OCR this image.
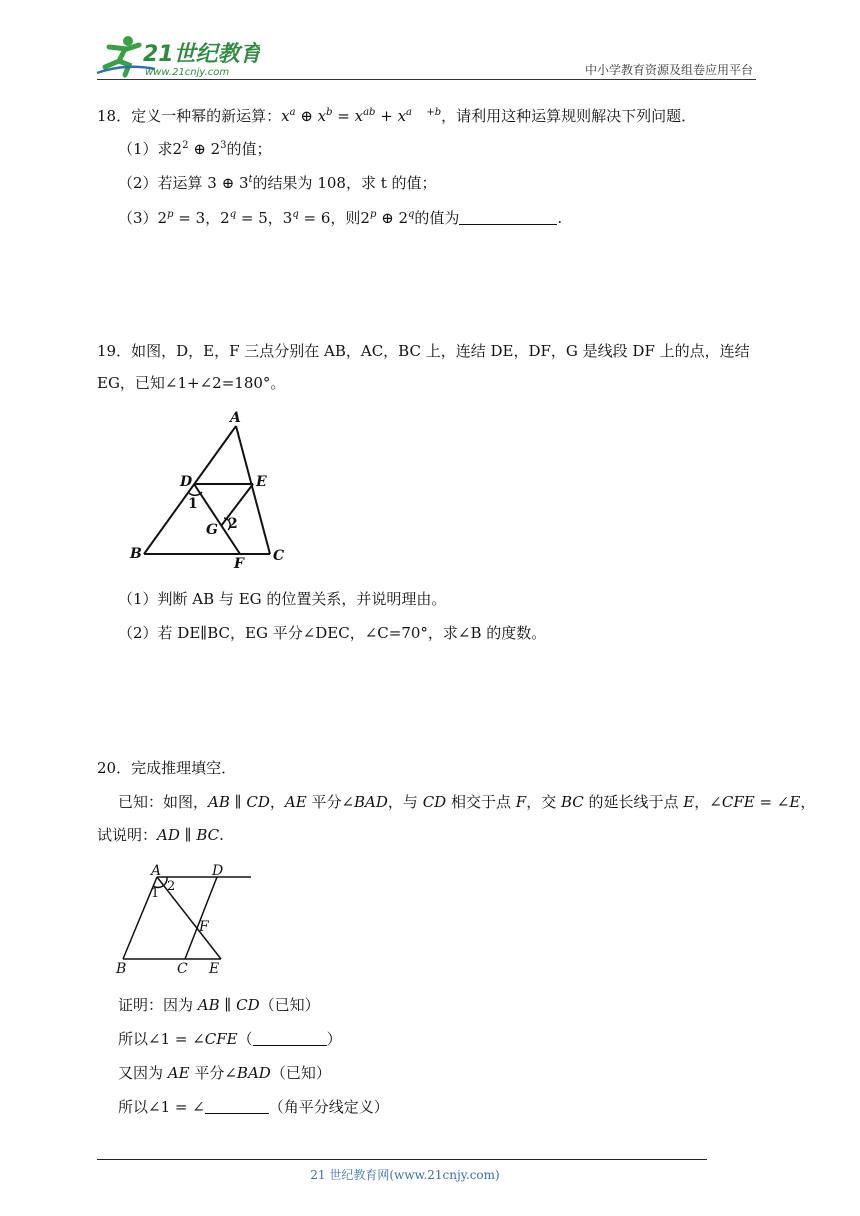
21世纪教育
www.21cnjy.com	中小学教育资源及组卷应用平台
18．定义一种幂的新运算：$x^a$ ⊕ $x^b = x^{ab} + x^a$ $^{+b}$，请利用这种运算规则解决下列问题．
（1）求$2^2$ ⊕ $2^3$的值；
（2）若运算 3 ⊕ 3$^t$的结果为 108，求 t 的值；
$(3)2^p = 3$，$2^q = 5$，$3^q = 6$，则2$^p$ ⊕ 2$^q$的值为	.
19．如图，D，E，F 三点分别在 AB，AC，BC 上，连结 DE，DF，G 是线段 DF 上的点，连结
EG，已知∠1+∠2=180°。
A
B	C
D	E
F
G
1
2
（1）判断 AB 与 EG 的位置关系，并说明理由。
（2）若 DE∥BC，EG 平分∠DEC，∠C=70°，求∠B 的度数。
20．完成推理填空．
已知：如图，AB ∥ CD，AE 平分∠BAD，与 CD 相交于点 F，交 BC 的延长线于点 E，∠CFE = ∠E，
试说明：AD ∥ BC.
A	D
B	C E
F
1 2
证明：因为 AB ∥ CD（已知）
所以∠1 = ∠CFE（	）
又因为 AE 平分∠BAD（已知）
所以∠1 = ∠	（角平分线定义）
21 世纪教育网(www.21cnjy.com)
